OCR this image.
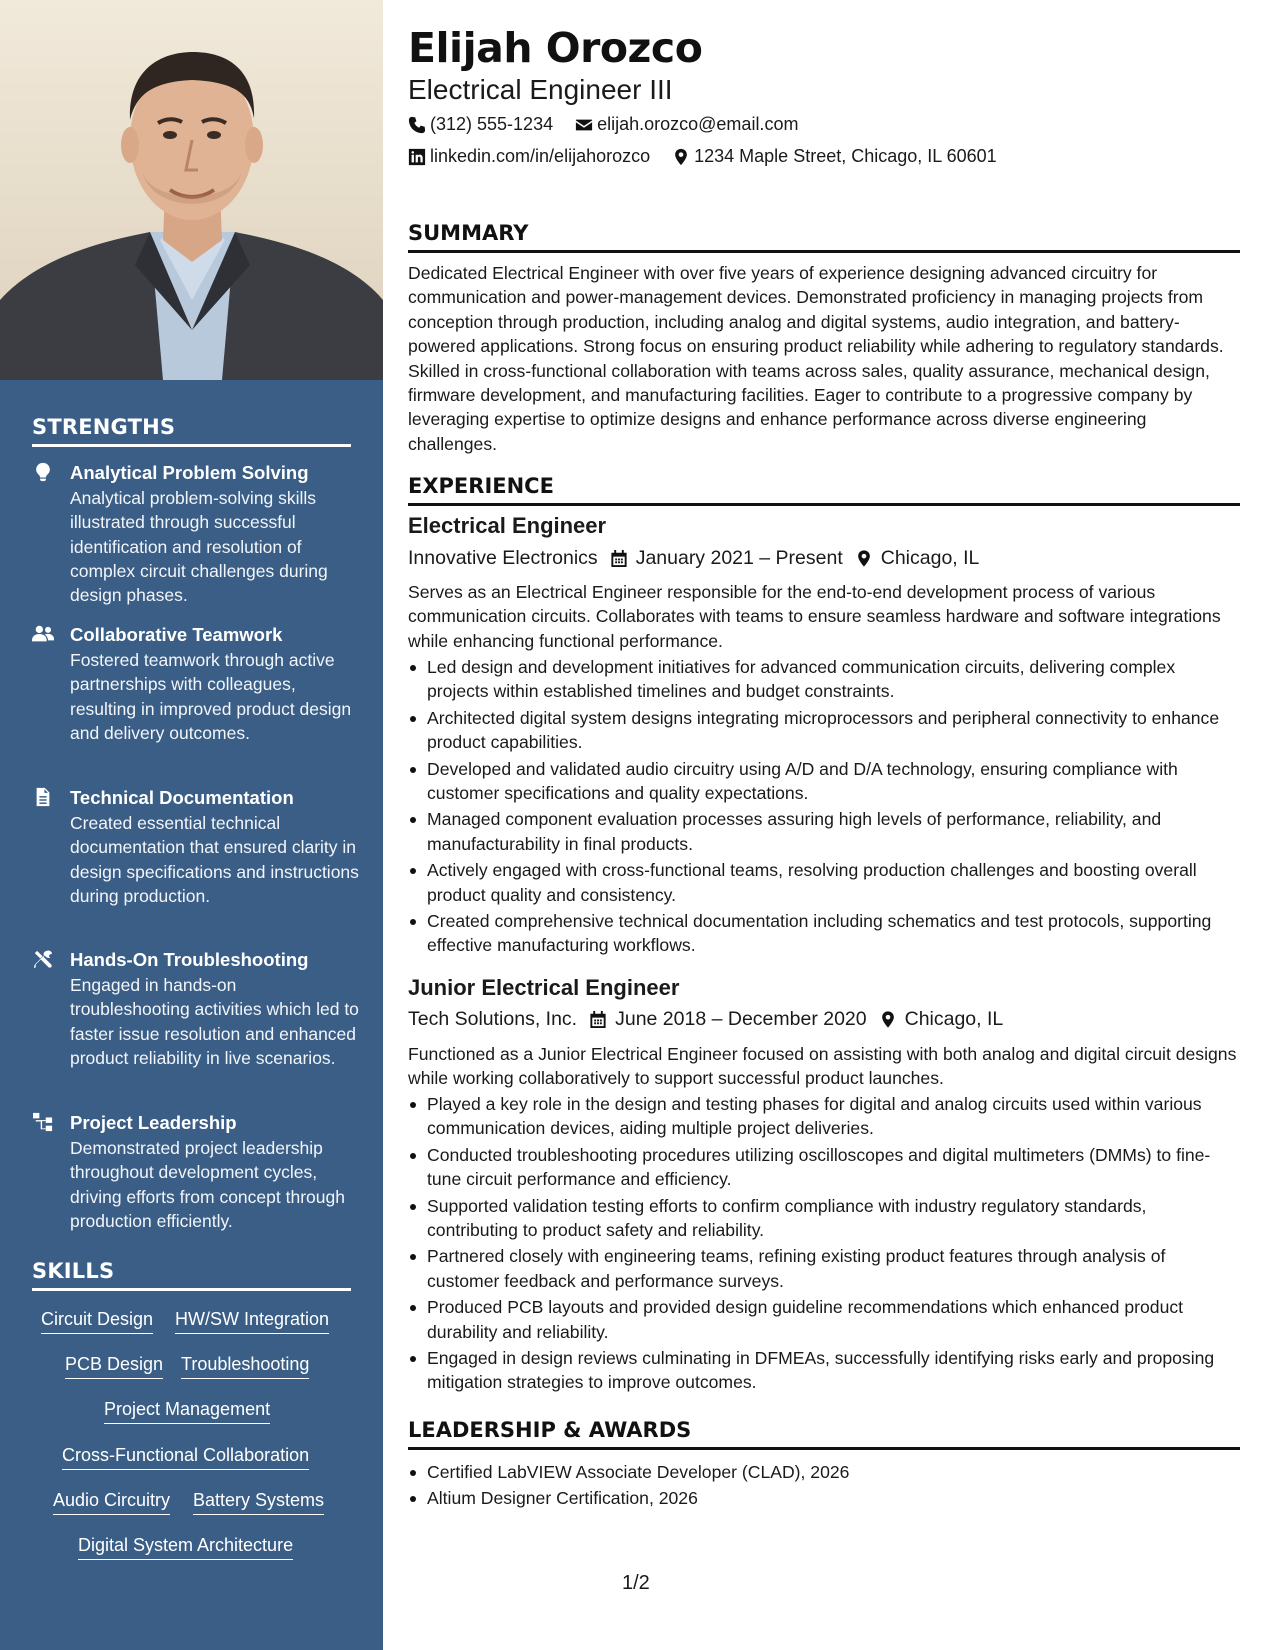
STRENGTHS
Analytical Problem Solving
Analytical problem-solving skills illustrated through successful identification and resolution of complex circuit challenges during design phases.
Collaborative Teamwork
Fostered teamwork through active partnerships with colleagues, resulting in improved product design and delivery outcomes.
Technical Documentation
Created essential technical documentation that ensured clarity in design specifications and instructions during production.
Hands-On Troubleshooting
Engaged in hands-on troubleshooting activities which led to faster issue resolution and enhanced product reliability in live scenarios.
Project Leadership
Demonstrated project leadership throughout development cycles, driving efforts from concept through production efficiently.
SKILLS
Circuit Design HW/SW Integration
PCB Design Troubleshooting
Project Management
Cross-Functional Collaboration
Audio Circuitry Battery Systems
Digital System Architecture
Elijah Orozco
Electrical Engineer III
(312) 555-1234 elijah.orozco@email.com
linkedin.com/in/elijahorozco 1234 Maple Street, Chicago, IL 60601
SUMMARY
Dedicated Electrical Engineer with over five years of experience designing advanced circuitry for communication and power-management devices. Demonstrated proficiency in managing projects from conception through production, including analog and digital systems, audio integration, and battery-powered applications. Strong focus on ensuring product reliability while adhering to regulatory standards. Skilled in cross-functional collaboration with teams across sales, quality assurance, mechanical design, firmware development, and manufacturing facilities. Eager to contribute to a progressive company by leveraging expertise to optimize designs and enhance performance across diverse engineering challenges.
EXPERIENCE
Electrical Engineer
Innovative Electronics January 2021 – Present Chicago, IL
Serves as an Electrical Engineer responsible for the end-to-end development process of various communication circuits. Collaborates with teams to ensure seamless hardware and software integrations while enhancing functional performance.
Led design and development initiatives for advanced communication circuits, delivering complex projects within established timelines and budget constraints.
Architected digital system designs integrating microprocessors and peripheral connectivity to enhance product capabilities.
Developed and validated audio circuitry using A/D and D/A technology, ensuring compliance with customer specifications and quality expectations.
Managed component evaluation processes assuring high levels of performance, reliability, and manufacturability in final products.
Actively engaged with cross-functional teams, resolving production challenges and boosting overall product quality and consistency.
Created comprehensive technical documentation including schematics and test protocols, supporting effective manufacturing workflows.
Junior Electrical Engineer
Tech Solutions, Inc. June 2018 – December 2020 Chicago, IL
Functioned as a Junior Electrical Engineer focused on assisting with both analog and digital circuit designs while working collaboratively to support successful product launches.
Played a key role in the design and testing phases for digital and analog circuits used within various communication devices, aiding multiple project deliveries.
Conducted troubleshooting procedures utilizing oscilloscopes and digital multimeters (DMMs) to fine-tune circuit performance and efficiency.
Supported validation testing efforts to confirm compliance with industry regulatory standards, contributing to product safety and reliability.
Partnered closely with engineering teams, refining existing product features through analysis of customer feedback and performance surveys.
Produced PCB layouts and provided design guideline recommendations which enhanced product durability and reliability.
Engaged in design reviews culminating in DFMEAs, successfully identifying risks early and proposing mitigation strategies to improve outcomes.
LEADERSHIP & AWARDS
Certified LabVIEW Associate Developer (CLAD), 2026
Altium Designer Certification, 2026
1/2
